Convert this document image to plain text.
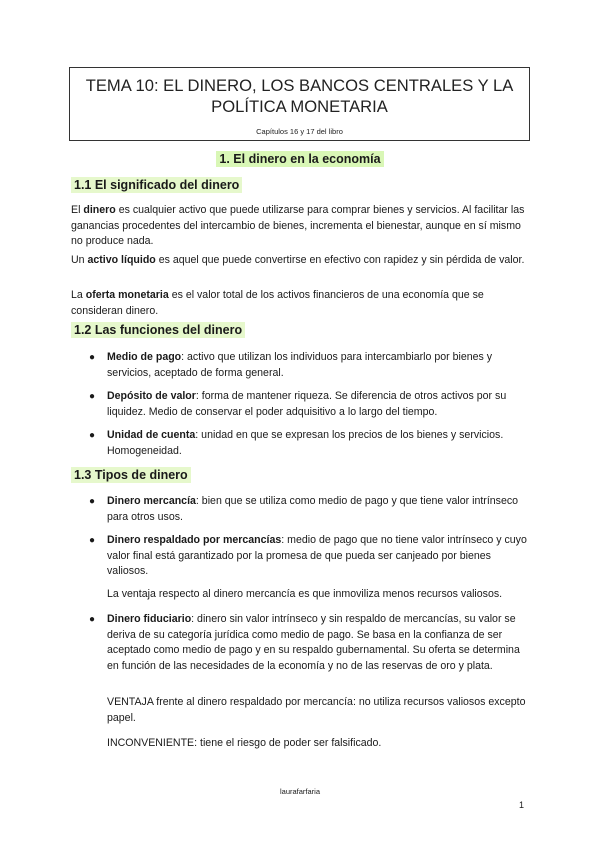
TEMA 10: EL DINERO, LOS BANCOS CENTRALES Y LA POLÍTICA MONETARIA
Capítulos 16 y 17 del libro
1. El dinero en la economía
1.1 El significado del dinero

El dinero es cualquier activo que puede utilizarse para comprar bienes y servicios. Al facilitar las ganancias procedentes del intercambio de bienes, incrementa el bienestar, aunque en sí mismo no produce nada.

Un activo líquido es aquel que puede convertirse en efectivo con rapidez y sin pérdida de valor.

La oferta monetaria es el valor total de los activos financieros de una economía que se consideran dinero.

1.2 Las funciones del dinero
● Medio de pago: activo que utilizan los individuos para intercambiarlo por bienes y servicios, aceptado de forma general.

● Depósito de valor: forma de mantener riqueza. Se diferencia de otros activos por su liquidez. Medio de conservar el poder adquisitivo a lo largo del tiempo.

● Unidad de cuenta: unidad en que se expresan los precios de los bienes y servicios. Homogeneidad.

1.3 Tipos de dinero
● Dinero mercancía: bien que se utiliza como medio de pago y que tiene valor intrínseco para otros usos.

● Dinero respaldado por mercancías: medio de pago que no tiene valor intrínseco y cuyo valor final está garantizado por la promesa de que pueda ser canjeado por bienes valiosos.

La ventaja respecto al dinero mercancía es que inmoviliza menos recursos valiosos.

● Dinero fiduciario: dinero sin valor intrínseco y sin respaldo de mercancías, su valor se deriva de su categoría jurídica como medio de pago. Se basa en la confianza de ser aceptado como medio de pago y en su respaldo gubernamental. Su oferta se determina en función de las necesidades de la economía y no de las reservas de oro y plata.

VENTAJA frente al dinero respaldado por mercancía: no utiliza recursos valiosos excepto papel.

INCONVENIENTE: tiene el riesgo de poder ser falsificado.

laurafarfaria
1
